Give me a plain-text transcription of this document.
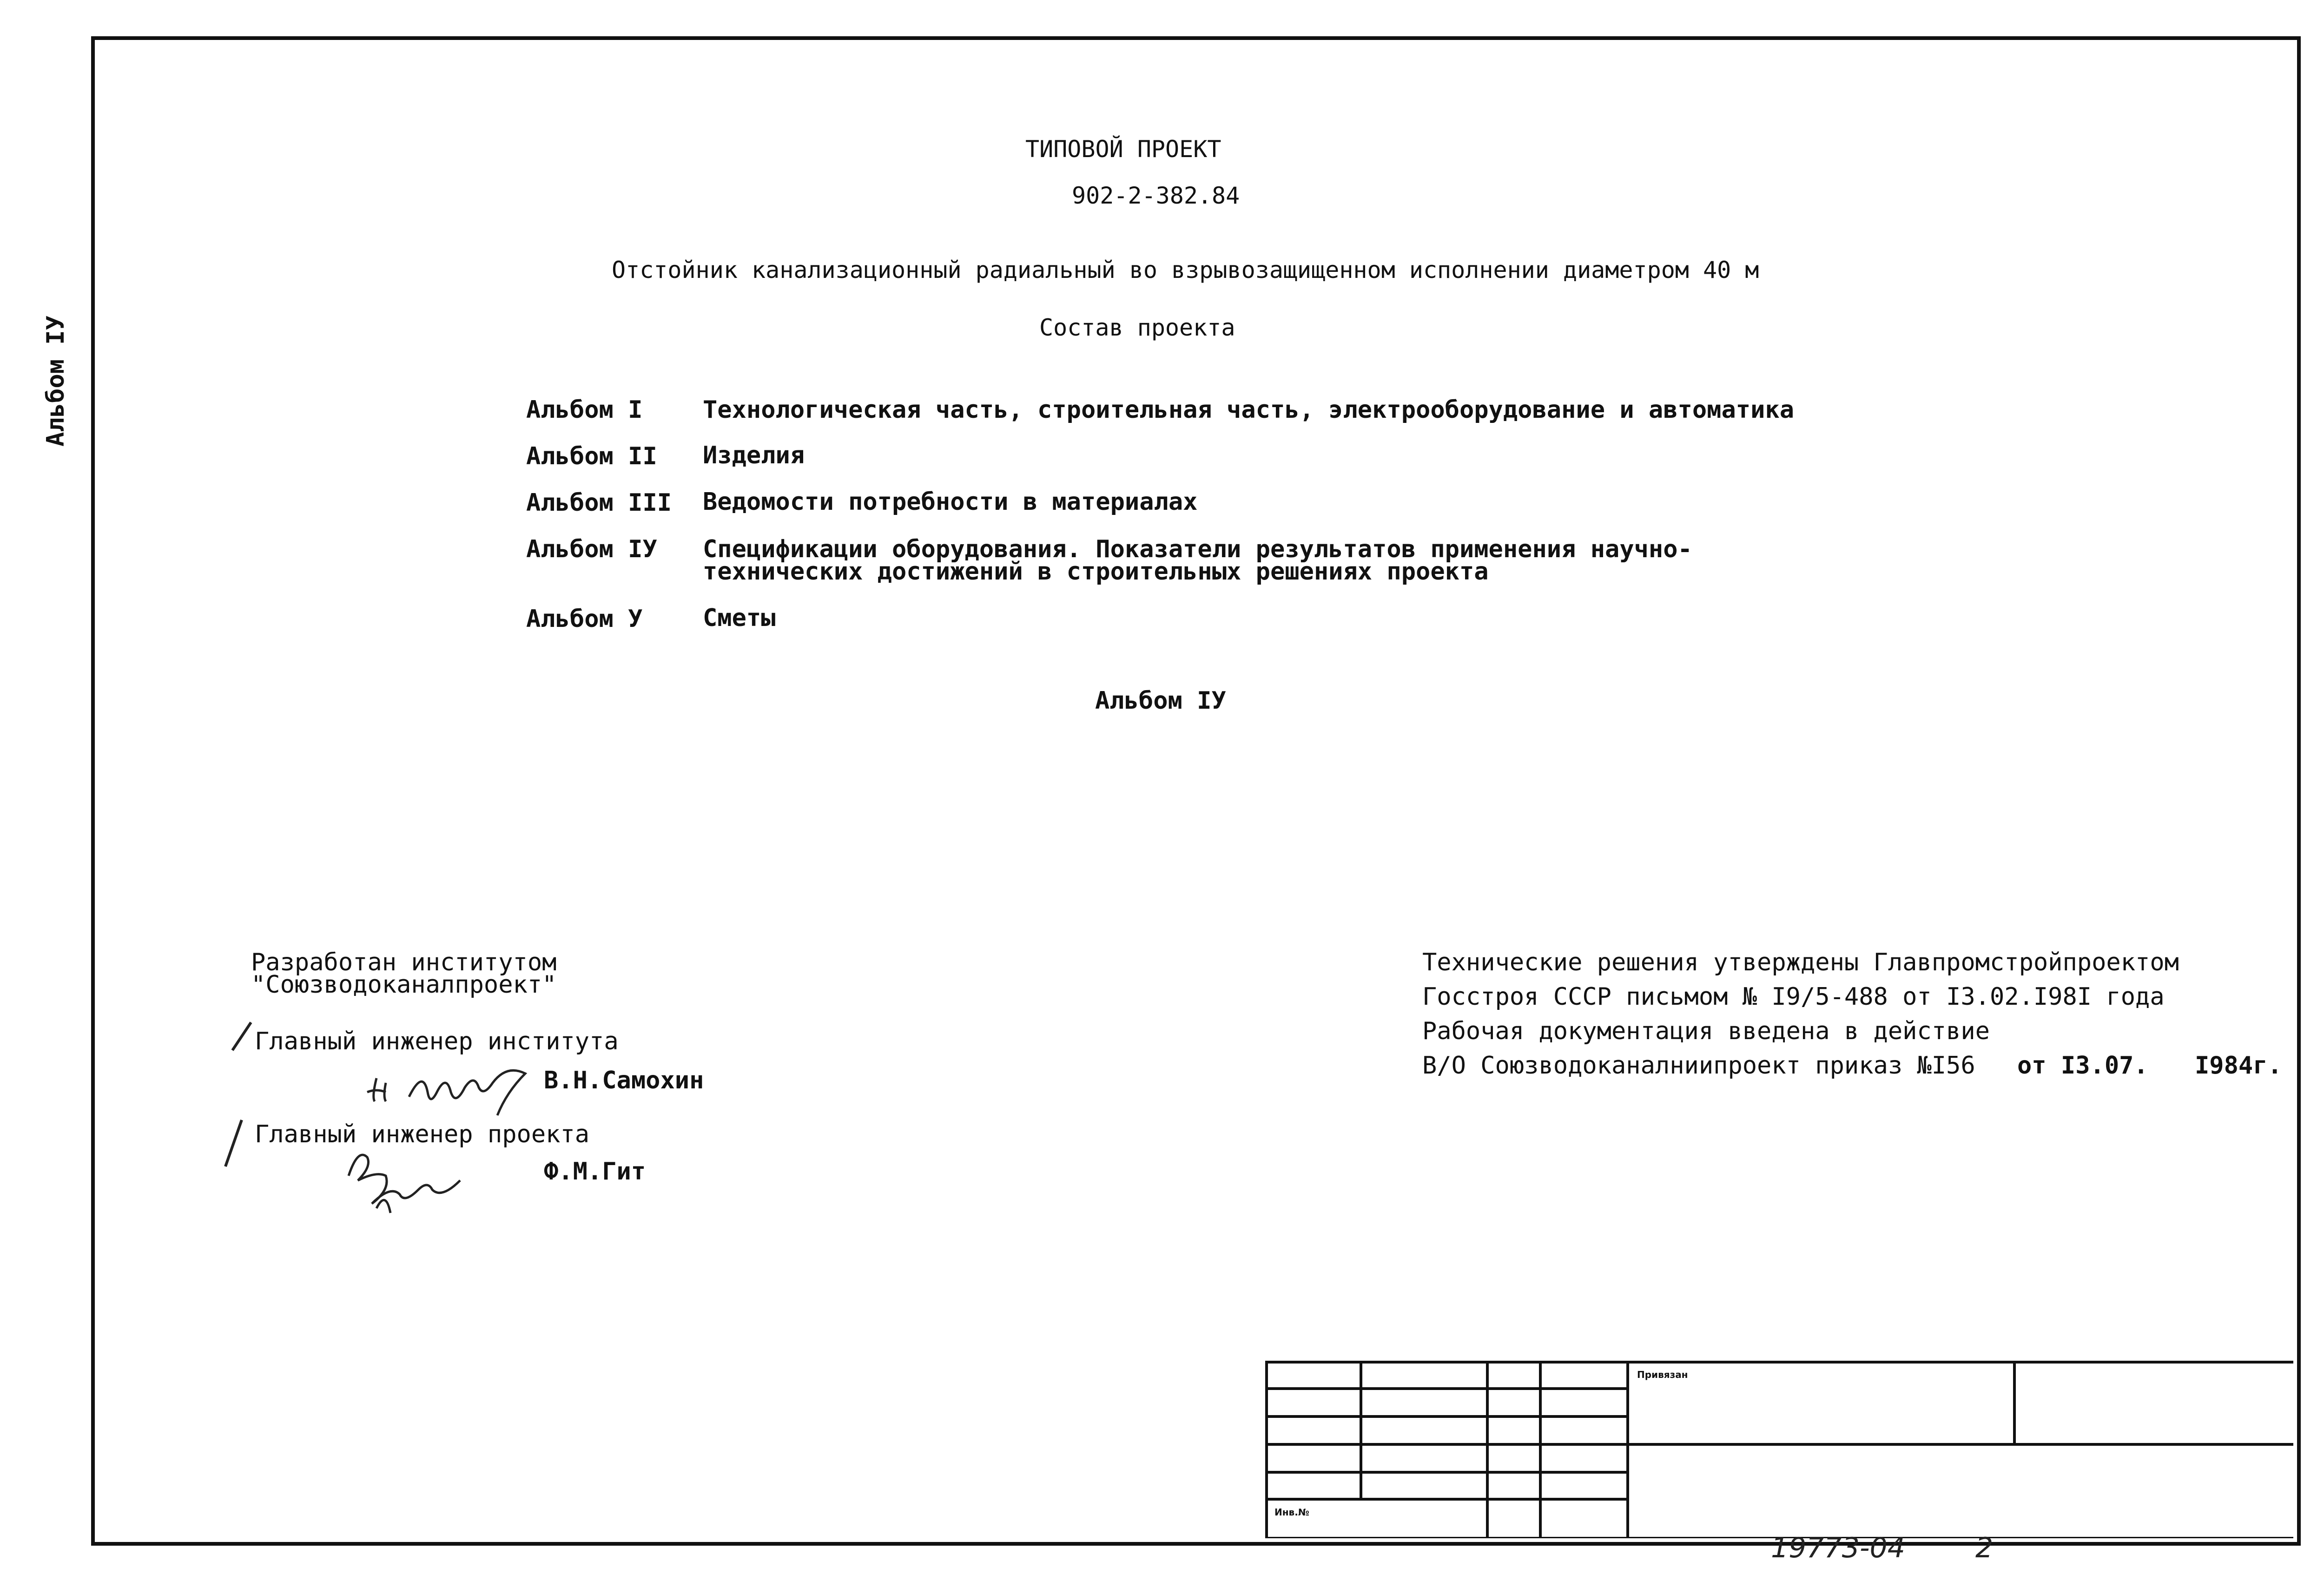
Альбом IУ
ТИПОВОЙ ПРОЕКТ
902-2-382.84
Отстойник канализационный радиальный во взрывозащищенном исполнении диаметром 40 м
Состав проекта
Альбом I Технологическая часть, строительная часть, электрооборудование и автоматика
Альбом II Изделия
Альбом III Ведомости потребности в материалах
Альбом IУ Спецификации оборудования. Показатели результатов применения научно-
технических достижений в строительных решениях проекта
Альбом У Сметы
Альбом IУ
Разработан институтом
"Союзводоканалпроект"
Главный инженер института
В.Н.Самохин
Главный инженер проекта
Ф.М.Гит
Технические решения утверждены Главпромстройпроектом
Госстроя СССР письмом № I9/5-488 от I3.02.I98I года
Рабочая документация введена в действие
В/О Союзводоканалниипроект приказ №I56 от I3.07. I984г.
Привязан
Инв.№
19773-04	2
